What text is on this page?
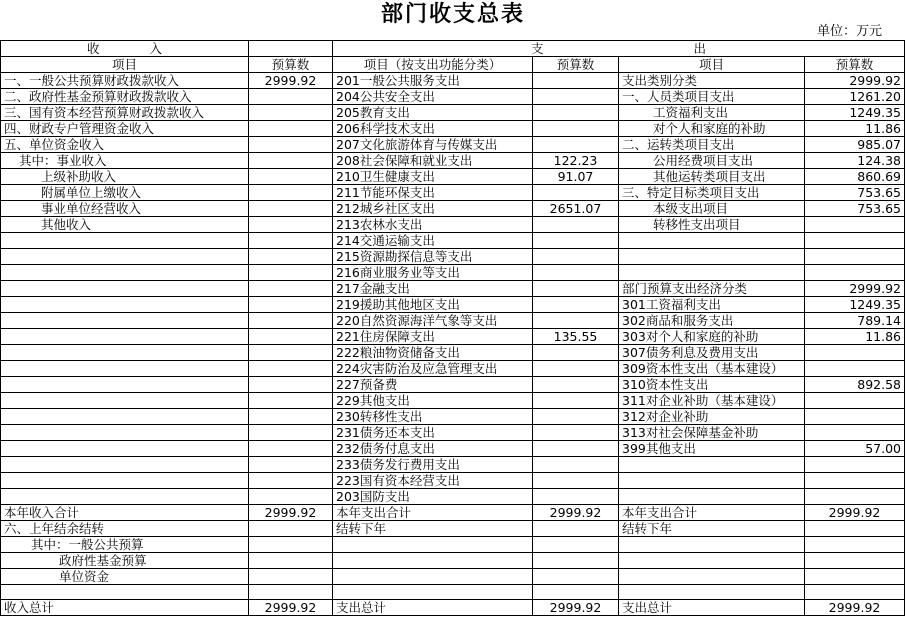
部门收支总表
单位：万元
收　　　　入		支　　　　　　　　　　　　出			
项目	预算数	项目（按支出功能分类）	预算数	项目	预算数
一、一般公共预算财政拨款收入	2999.92	201一般公共服务支出		支出类别分类	2999.92
二、政府性基金预算财政拨款收入		204公共安全支出		一、人员类项目支出	1261.20
三、国有资本经营预算财政拨款收入		205教育支出		工资福利支出	1249.35
四、财政专户管理资金收入		206科学技术支出		对个人和家庭的补助	11.86
五、单位资金收入		207文化旅游体育与传媒支出		二、运转类项目支出	985.07
其中：事业收入		208社会保障和就业支出	122.23	公用经费项目支出	124.38
上级补助收入		210卫生健康支出	91.07	其他运转类项目支出	860.69
附属单位上缴收入		211节能环保支出		三、特定目标类项目支出	753.65
事业单位经营收入		212城乡社区支出	2651.07	本级支出项目	753.65
其他收入		213农林水支出		转移性支出项目	
		214交通运输支出			
		215资源勘探信息等支出			
		216商业服务业等支出			
		217金融支出		部门预算支出经济分类	2999.92
		219援助其他地区支出		301工资福利支出	1249.35
		220自然资源海洋气象等支出		302商品和服务支出	789.14
		221住房保障支出	135.55	303对个人和家庭的补助	11.86
		222粮油物资储备支出		307债务利息及费用支出	
		224灾害防治及应急管理支出		309资本性支出（基本建设）	
		227预备费		310资本性支出	892.58
		229其他支出		311对企业补助（基本建设）	
		230转移性支出		312对企业补助	
		231债务还本支出		313对社会保障基金补助	
		232债务付息支出		399其他支出	57.00
		233债务发行费用支出			
		223国有资本经营支出			
		203国防支出			
本年收入合计	2999.92	本年支出合计	2999.92	本年支出合计	2999.92
六、上年结余结转		结转下年		结转下年	
其中：一般公共预算					
政府性基金预算					
单位资金					

收入总计	2999.92	支出总计	2999.92	支出总计	2999.92
